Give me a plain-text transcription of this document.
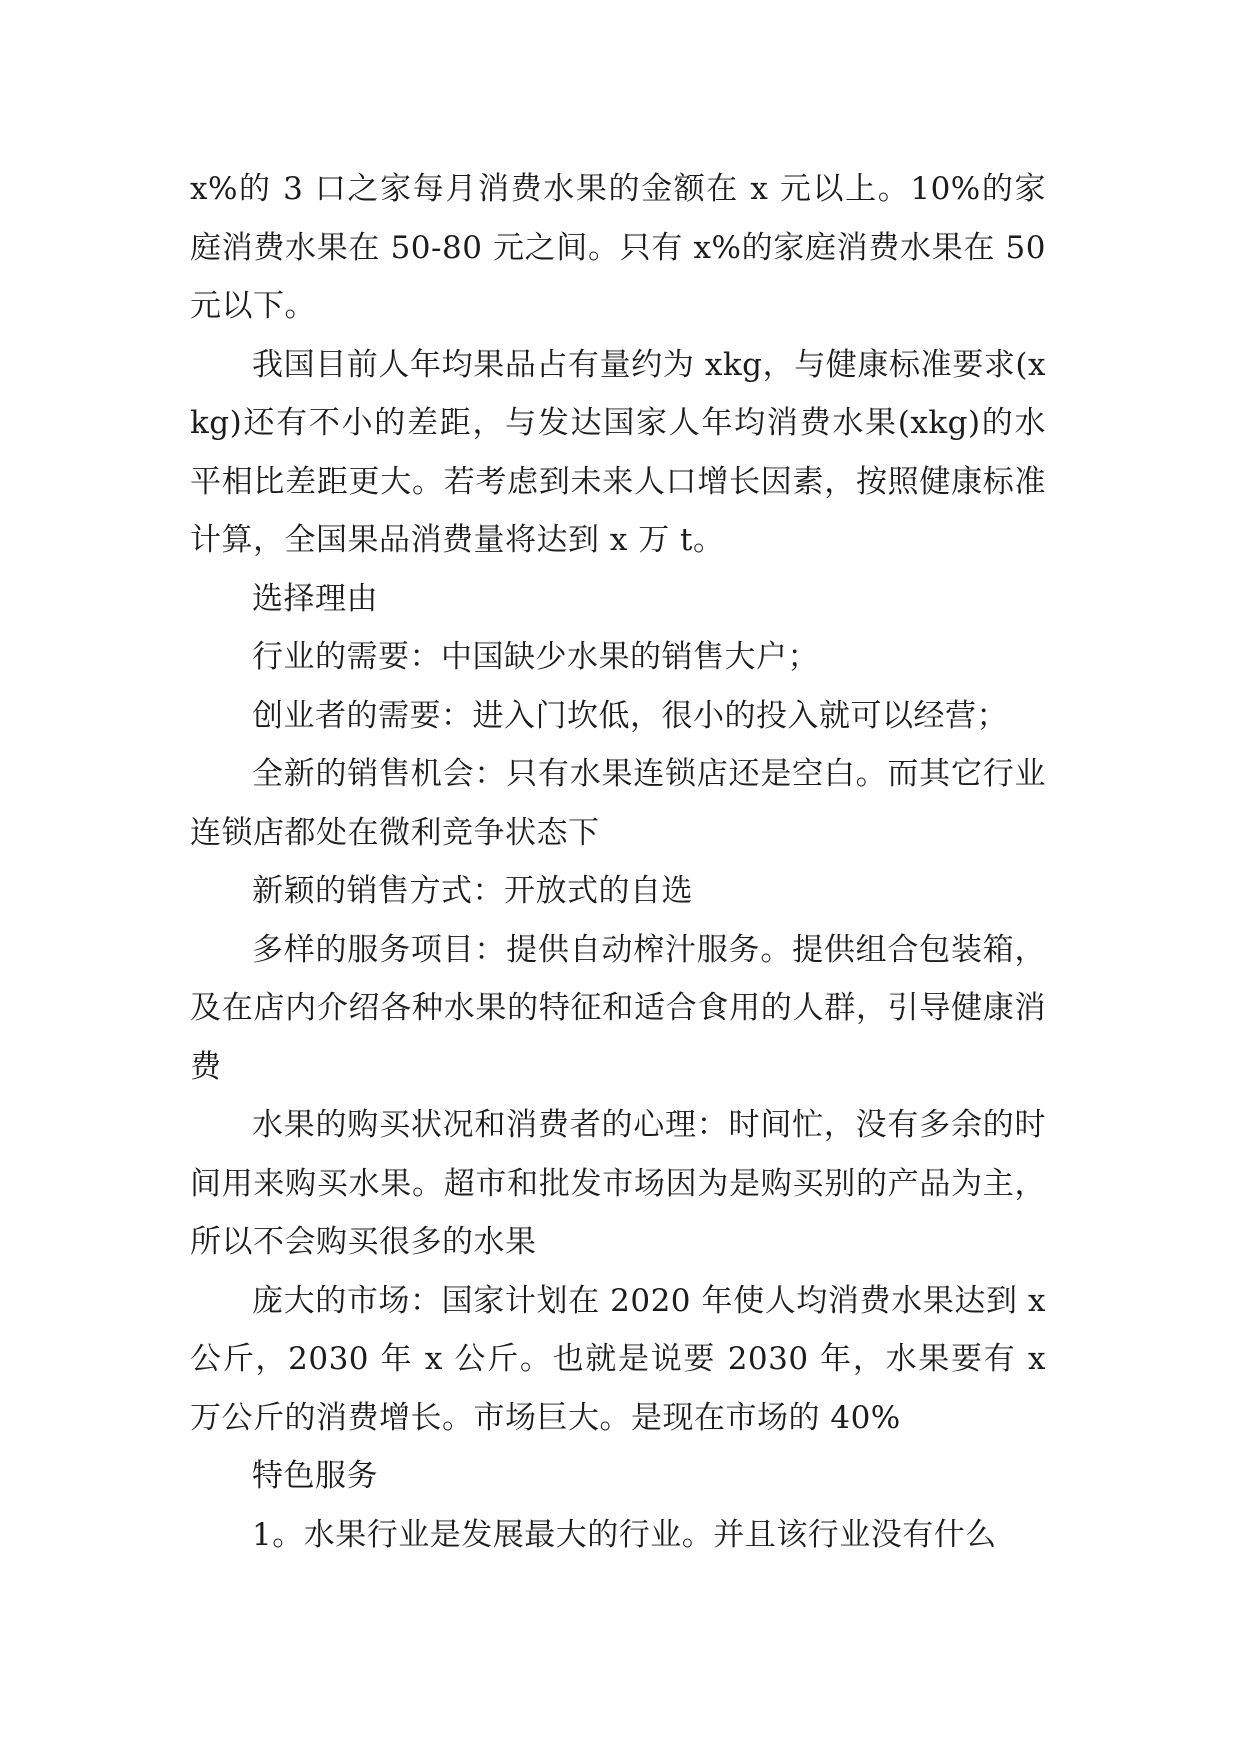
x%的 3 口之家每月消费水果的金额在 x 元以上。10%的家庭消费水果在 50-80 元之间。只有 x%的家庭消费水果在 50 元以下。

我国目前人年均果品占有量约为 xkg，与健康标准要求(xkg)还有不小的差距，与发达国家人年均消费水果(xkg)的水平相比差距更大。若考虑到未来人口增长因素，按照健康标准计算，全国果品消费量将达到 x 万 t。

选择理由

行业的需要：中国缺少水果的销售大户；

创业者的需要：进入门坎低，很小的投入就可以经营；

全新的销售机会：只有水果连锁店还是空白。而其它行业连锁店都处在微利竞争状态下

新颖的销售方式：开放式的自选

多样的服务项目：提供自动榨汁服务。提供组合包装箱，及在店内介绍各种水果的特征和适合食用的人群，引导健康消费

水果的购买状况和消费者的心理：时间忙，没有多余的时间用来购买水果。超市和批发市场因为是购买别的产品为主，所以不会购买很多的水果

庞大的市场：国家计划在 2020 年使人均消费水果达到 x 公斤，2030 年 x 公斤。也就是说要 2030 年，水果要有 x 万公斤的消费增长。市场巨大。是现在市场的 40%

特色服务

1。水果行业是发展最大的行业。并且该行业没有什么
